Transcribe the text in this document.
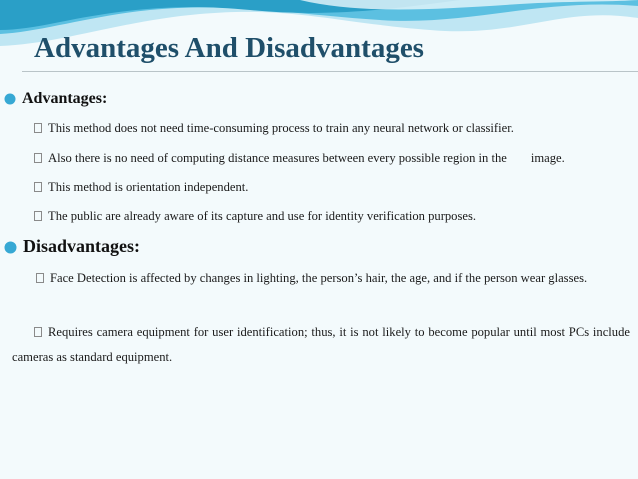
Advantages And Disadvantages
Advantages:
This method does not need time-consuming process to train any neural network or classifier.
Also there is no need of computing distance measures between every possible region in the image.
This method is orientation independent.
The public are already aware of its capture and use for identity verification purposes.
Disadvantages:
Face Detection is affected by changes in lighting, the person’s hair, the age, and if the person wear glasses.
Requires camera equipment for user identification; thus, it is not likely to become popular until most PCs include cameras as standard equipment.
